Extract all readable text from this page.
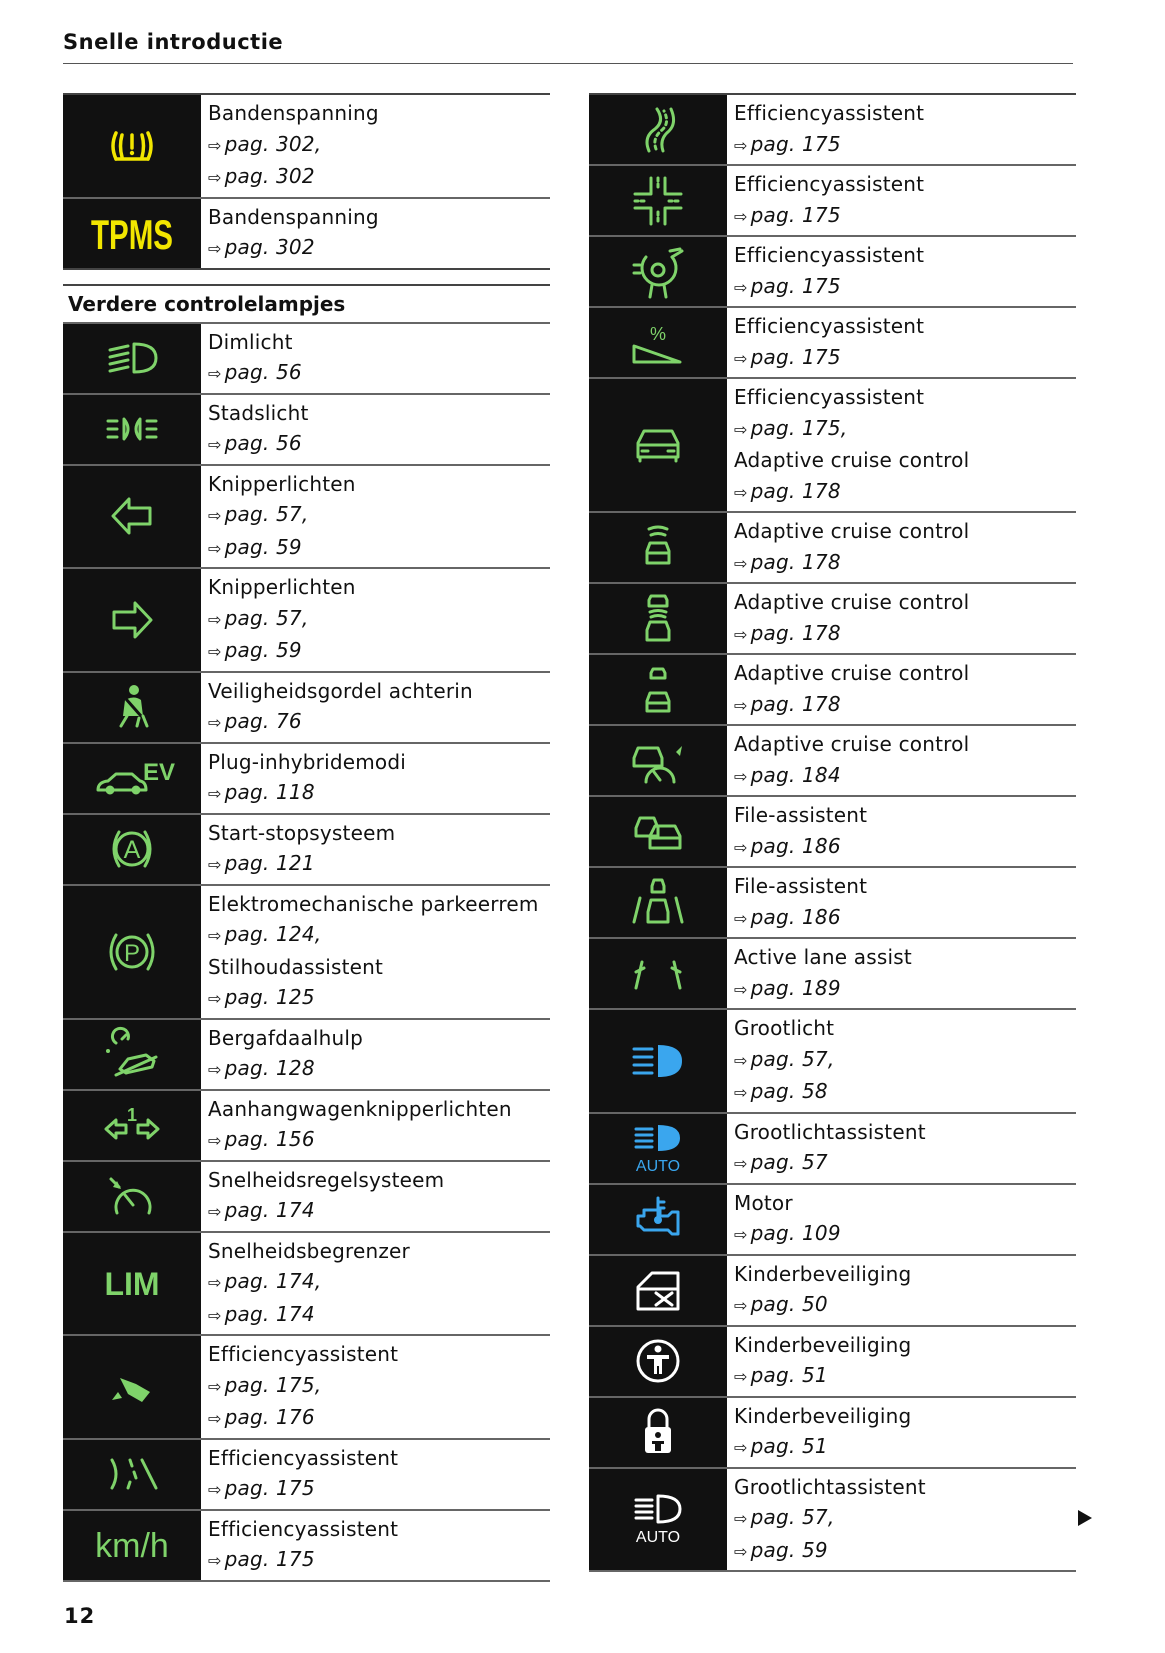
Snelle introductie
Bandenspanning
⇨ pag. 302,
⇨ pag. 302
TPMS Bandenspanning
⇨ pag. 302
Verdere controlelampjes
Dimlicht
⇨ pag. 56
Stadslicht
⇨ pag. 56
Knipperlichten
⇨ pag. 57,
⇨ pag. 59
Knipperlichten
⇨ pag. 57,
⇨ pag. 59
Veiligheidsgordel achterin
⇨ pag. 76
EV Plug-inhybridemodi
⇨ pag. 118
A
Start-stopsysteem
⇨ pag. 121
P
Elektromechanische parkeerrem
⇨ pag. 124,
Stilhoudassistent
⇨ pag. 125
Bergafdaalhulp
⇨ pag. 128
1	Aanhangwagenknipperlichten
⇨ pag. 156
Snelheidsregelsysteem
⇨ pag. 174
LIM
Snelheidsbegrenzer
⇨ pag. 174,
⇨ pag. 174
Efficiencyassistent
⇨ pag. 175,
⇨ pag. 176
Efficiencyassistent
⇨ pag. 175
km/h Efficiencyassistent
⇨ pag. 175
Efficiencyassistent
⇨ pag. 175
Efficiencyassistent
⇨ pag. 175
Efficiencyassistent
⇨ pag. 175
%	Efficiencyassistent
⇨ pag. 175
Efficiencyassistent
⇨ pag. 175,
Adaptive cruise control
⇨ pag. 178
Adaptive cruise control
⇨ pag. 178
Adaptive cruise control
⇨ pag. 178
Adaptive cruise control
⇨ pag. 178
Adaptive cruise control
⇨ pag. 184
File-assistent
⇨ pag. 186
File-assistent
⇨ pag. 186
Active lane assist
⇨ pag. 189
Grootlicht
⇨ pag. 57,
⇨ pag. 58
AUTO
Grootlichtassistent
⇨ pag. 57
Motor
⇨ pag. 109
Kinderbeveiliging
⇨ pag. 50
Kinderbeveiliging
⇨ pag. 51
Kinderbeveiliging
⇨ pag. 51
AUTO
Grootlichtassistent
⇨ pag. 57,
⇨ pag. 59
12
